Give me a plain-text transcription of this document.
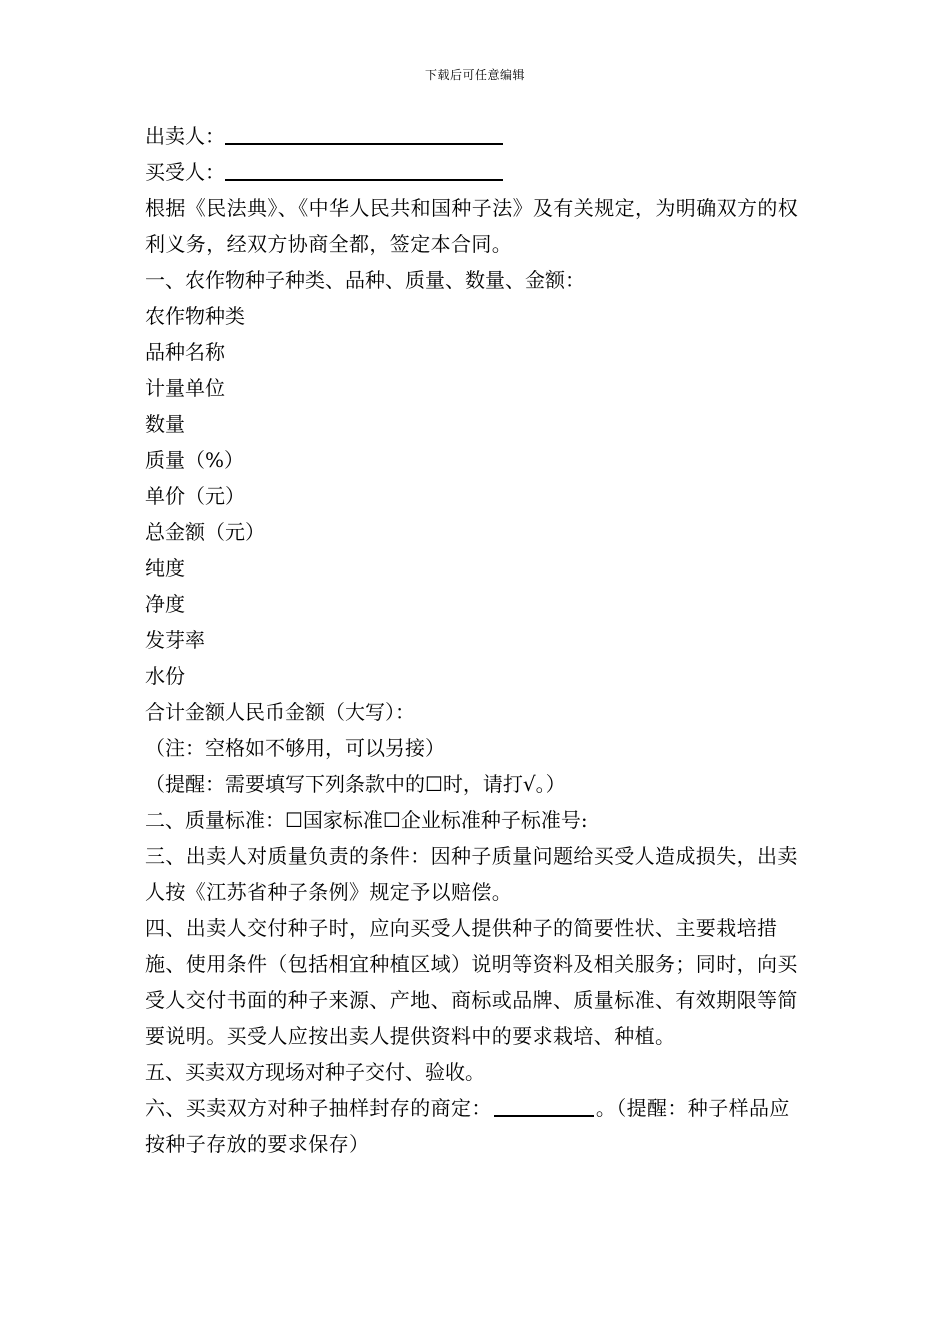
下载后可任意编辑

出卖人：

买受人：

根据《民法典》、《中华人民共和国种子法》及有关规定，为明确双方的权利义务，经双方协商全都，签定本合同。

一、农作物种子种类、品种、质量、数量、金额：

农作物种类

品种名称

计量单位

数量

质量（%）

单价（元）

总金额（元）

纯度

净度

发芽率

水份

合计金额人民币金额（大写）：

（注：空格如不够用，可以另接）

（提醒：需要填写下列条款中的☐时，请打√。）

二、质量标准：☐国家标准☐企业标准种子标准号:

三、出卖人对质量负责的条件：因种子质量问题给买受人造成损失，出卖人按《江苏省种子条例》规定予以赔偿。

四、出卖人交付种子时，应向买受人提供种子的简要性状、主要栽培措施、使用条件（包括相宜种植区域）说明等资料及相关服务；同时，向买受人交付书面的种子来源、产地、商标或品牌、质量标准、有效期限等简要说明。买受人应按出卖人提供资料中的要求栽培、种植。

五、买卖双方现场对种子交付、验收。

六、买卖双方对种子抽样封存的商定：	。（提醒：种子样品应按种子存放的要求保存）
